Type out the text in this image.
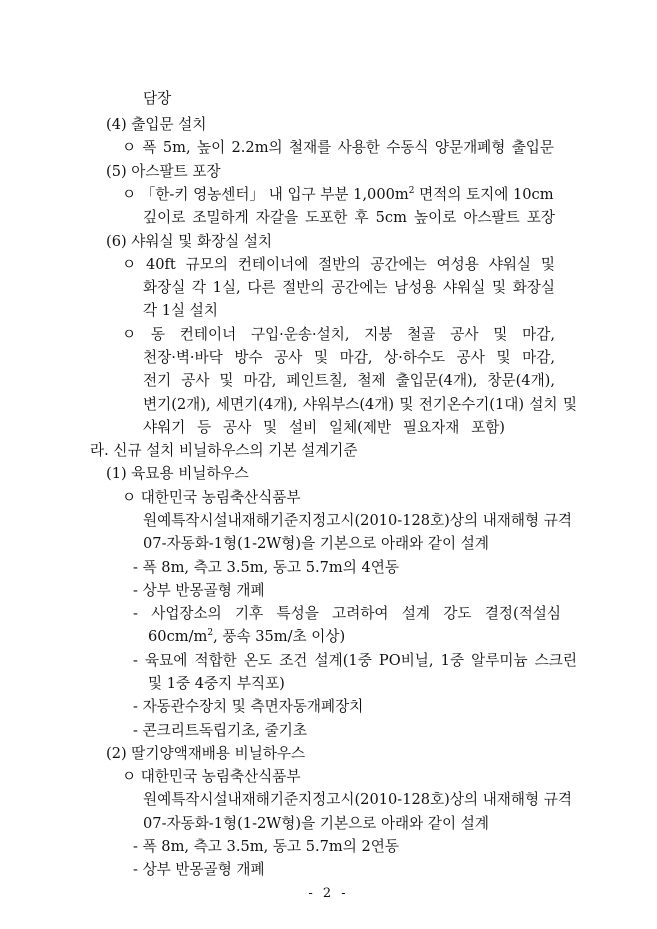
담장
(4) 출입문 설치
ㅇ 폭 5m, 높이 2.2m의 철재를 사용한 수동식 양문개폐형 출입문
(5) 아스팔트 포장
ㅇ 「한-키 영농센터」 내 입구 부분 $1,000m^2$ 면적의 토지에 10cm
깊이로 조밀하게 자갈을 도포한 후 5cm 높이로 아스팔트 포장
(6) 샤워실 및 화장실 설치
ㅇ 40ft 규모의 컨테이너에 절반의 공간에는 여성용 샤워실 및
화장실 각 1실, 다른 절반의 공간에는 남성용 샤워실 및 화장실
각 1실 설치
ㅇ 동 컨테이너 구입·운송·설치, 지붕 철골 공사 및 마감,
천장·벽·바닥 방수 공사 및 마감, 상·하수도 공사 및 마감,
전기 공사 및 마감, 페인트칠, 철제 출입문(4개), 창문(4개),
변기(2개), 세면기(4개), 샤워부스(4개) 및 전기온수기(1대) 설치 및
샤워기 등 공사 및 설비 일체(제반 필요자재 포함)
라. 신규 설치 비닐하우스의 기본 설계기준
(1) 육묘용 비닐하우스
ㅇ 대한민국 농림축산식품부
원예특작시설내재해기준지정고시(2010-128호)상의 내재해형 규격
07-자동화-1형(1-2W형)을 기본으로 아래와 같이 설계
- 폭 8m, 측고 3.5m, 동고 5.7m의 4연동
- 상부 반몽골형 개폐
- 사업장소의 기후 특성을 고려하여 설계 강도 결정(적설심
$60cm/m^2$, 풍속 35m/초 이상)
- 육묘에 적합한 온도 조건 설계(1중 PO비닐, 1중 알루미늄 스크린
및 1중 4중지 부직포)
- 자동관수장치 및 측면자동개폐장치
- 콘크리트독립기초, 줄기초
(2) 딸기양액재배용 비닐하우스
ㅇ 대한민국 농림축산식품부
원예특작시설내재해기준지정고시(2010-128호)상의 내재해형 규격
07-자동화-1형(1-2W형)을 기본으로 아래와 같이 설계
- 폭 8m, 측고 3.5m, 동고 5.7m의 2연동
- 상부 반몽골형 개폐
- 2 -
